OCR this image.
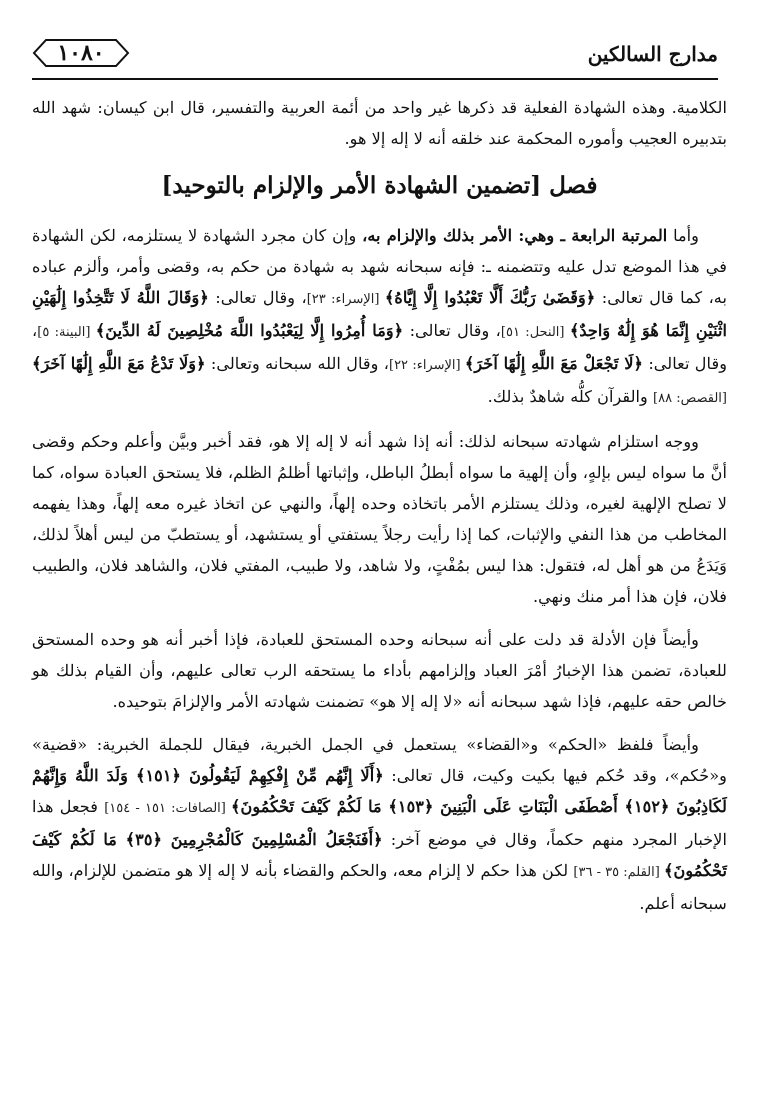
١٠٨٠	مدارج السالكين

الكلامية. وهذه الشهادة الفعلية قد ذكرها غير واحد من أئمة العربية والتفسير، قال ابن كيسان: شهد الله بتدبيره العجيب وأموره المحكمة عند خلقه أنه لا إله إلا هو.

فصل [تضمين الشهادة الأمر والإلزام بالتوحيد]

وأما المرتبة الرابعة ـ وهي: الأمر بذلك والإلزام به، وإن كان مجرد الشهادة لا يستلزمه، لكن الشهادة في هذا الموضع تدل عليه وتتضمنه ـ: فإنه سبحانه شهد به شهادة من حكم به، وقضى وأمر، وألزم عباده به، كما قال تعالى: ﴿وَقَضَىٰ رَبُّكَ أَلَّا تَعْبُدُوا إِلَّا إِيَّاهُ﴾ [الإسراء: ٢٣]، وقال تعالى: ﴿وَقَالَ اللَّهُ لَا تَتَّخِذُوا إِلَٰهَيْنِ اثْنَيْنِ إِنَّمَا هُوَ إِلَٰهٌ وَاحِدٌ﴾ [النحل: ٥١]، وقال تعالى: ﴿وَمَا أُمِرُوا إِلَّا لِيَعْبُدُوا اللَّهَ مُخْلِصِينَ لَهُ الدِّينَ﴾ [البينة: ٥]، وقال تعالى: ﴿لَا تَجْعَلْ مَعَ اللَّهِ إِلَٰهًا آخَرَ﴾ [الإسراء: ٢٢]، وقال الله سبحانه وتعالى: ﴿وَلَا تَدْعُ مَعَ اللَّهِ إِلَٰهًا آخَرَ﴾ [القصص: ٨٨] والقرآن كلُّه شاهدٌ بذلك.

ووجه استلزام شهادته سبحانه لذلك: أنه إذا شهد أنه لا إله إلا هو، فقد أخبر وبيَّن وأعلم وحكم وقضى أنَّ ما سواه ليس بإلهٍ، وأن إلهية ما سواه أبطلُ الباطل، وإثباتها أظلمُ الظلم، فلا يستحق العبادة سواه، كما لا تصلح الإلهية لغيره، وذلك يستلزم الأمر باتخاذه وحده إلهاً، والنهي عن اتخاذ غيره معه إلهاً، وهذا يفهمه المخاطب من هذا النفي والإثبات، كما إذا رأيت رجلاً يستفتي أو يستشهد، أو يستطبّ من ليس أهلاً لذلك، وَيَدَعُ من هو أهل له، فتقول: هذا ليس بمُفْتٍ، ولا شاهد، ولا طبيب، المفتي فلان، والشاهد فلان، والطبيب فلان، فإن هذا أمر منك ونهي.

وأيضاً فإن الأدلة قد دلت على أنه سبحانه وحده المستحق للعبادة، فإذا أخبر أنه هو وحده المستحق للعبادة، تضمن هذا الإخبارُ أمْرَ العباد وإلزامهم بأداء ما يستحقه الرب تعالى عليهم، وأن القيام بذلك هو خالص حقه عليهم، فإذا شهد سبحانه أنه «لا إله إلا هو» تضمنت شهادته الأمر والإلزامَ بتوحيده.

وأيضاً فلفظ «الحكم» و«القضاء» يستعمل في الجمل الخبرية، فيقال للجملة الخبرية: «قضية» و«حُكم»، وقد حُكم فيها بكيت وكيت، قال تعالى: ﴿أَلَا إِنَّهُم مِّنْ إِفْكِهِمْ لَيَقُولُونَ ﴿١٥١﴾ وَلَدَ اللَّهُ وَإِنَّهُمْ لَكَاذِبُونَ ﴿١٥٢﴾ أَصْطَفَى الْبَنَاتِ عَلَى الْبَنِينَ ﴿١٥٣﴾ مَا لَكُمْ كَيْفَ تَحْكُمُونَ﴾ [الصافات: ١٥١ - ١٥٤] فجعل هذا الإخبار المجرد منهم حكماً، وقال في موضع آخر: ﴿أَفَنَجْعَلُ الْمُسْلِمِينَ كَالْمُجْرِمِينَ ﴿٣٥﴾ مَا لَكُمْ كَيْفَ تَحْكُمُونَ﴾ [القلم: ٣٥ - ٣٦] لكن هذا حكم لا إلزام معه، والحكم والقضاء بأنه لا إله إلا هو متضمن للإلزام، والله سبحانه أعلم.
